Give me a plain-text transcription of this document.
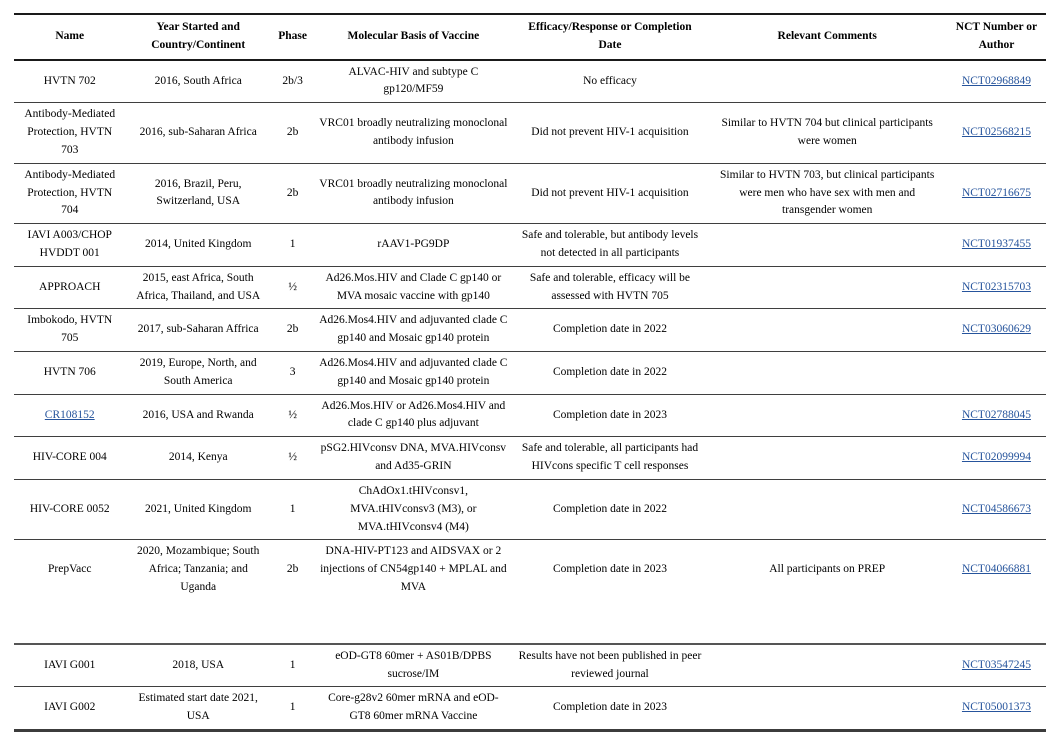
Name	Year Started and Country/Continent	Phase	Molecular Basis of Vaccine	Efficacy/Response or Completion Date	Relevant Comments	NCT Number or Author
HVTN 702	2016, South Africa	2b/3	ALVAC-HIV and subtype C gp120/MF59	No efficacy		NCT02968849
Antibody-Mediated Protection, HVTN 703	2016, sub-Saharan Africa	2b	VRC01 broadly neutralizing monoclonal antibody infusion	Did not prevent HIV-1 acquisition	Similar to HVTN 704 but clinical participants were women	NCT02568215
Antibody-Mediated Protection, HVTN 704	2016, Brazil, Peru, Switzerland, USA	2b	VRC01 broadly neutralizing monoclonal antibody infusion	Did not prevent HIV-1 acquisition	Similar to HVTN 703, but clinical participants were men who have sex with men and transgender women	NCT02716675
IAVI A003/CHOP HVDDT 001	2014, United Kingdom	1	rAAV1-PG9DP	Safe and tolerable, but antibody levels not detected in all participants		NCT01937455
APPROACH	2015, east Africa, South Africa, Thailand, and USA	½	Ad26.Mos.HIV and Clade C gp140 or MVA mosaic vaccine with gp140	Safe and tolerable, efficacy will be assessed with HVTN 705		NCT02315703
Imbokodo, HVTN 705	2017, sub-Saharan Affrica	2b	Ad26.Mos4.HIV and adjuvanted clade C gp140 and Mosaic gp140 protein	Completion date in 2022		NCT03060629
HVTN 706	2019, Europe, North, and South America	3	Ad26.Mos4.HIV and adjuvanted clade C gp140 and Mosaic gp140 protein	Completion date in 2022		
CR108152	2016, USA and Rwanda	½	Ad26.Mos.HIV or Ad26.Mos4.HIV and clade C gp140 plus adjuvant	Completion date in 2023		NCT02788045
HIV-CORE 004	2014, Kenya	½	pSG2.HIVconsv DNA, MVA.HIVconsv and Ad35-GRIN	Safe and tolerable, all participants had HIVcons specific T cell responses		NCT02099994
HIV-CORE 0052	2021, United Kingdom	1	ChAdOx1.tHIVconsv1, MVA.tHIVconsv3 (M3), or MVA.tHIVconsv4 (M4)	Completion date in 2022		NCT04586673
PrepVacc	2020, Mozambique; South Africa; Tanzania; and Uganda	2b	DNA-HIV-PT123 and AIDSVAX or 2 injections of CN54gp140 + MPLAL and MVA	Completion date in 2023	All participants on PREP	NCT04066881
IAVI G001	2018, USA	1	eOD-GT8 60mer + AS01B/DPBS sucrose/IM	Results have not been published in peer reviewed journal		NCT03547245
IAVI G002	Estimated start date 2021, USA	1	Core-g28v2 60mer mRNA and eOD-GT8 60mer mRNA Vaccine	Completion date in 2023		NCT05001373
